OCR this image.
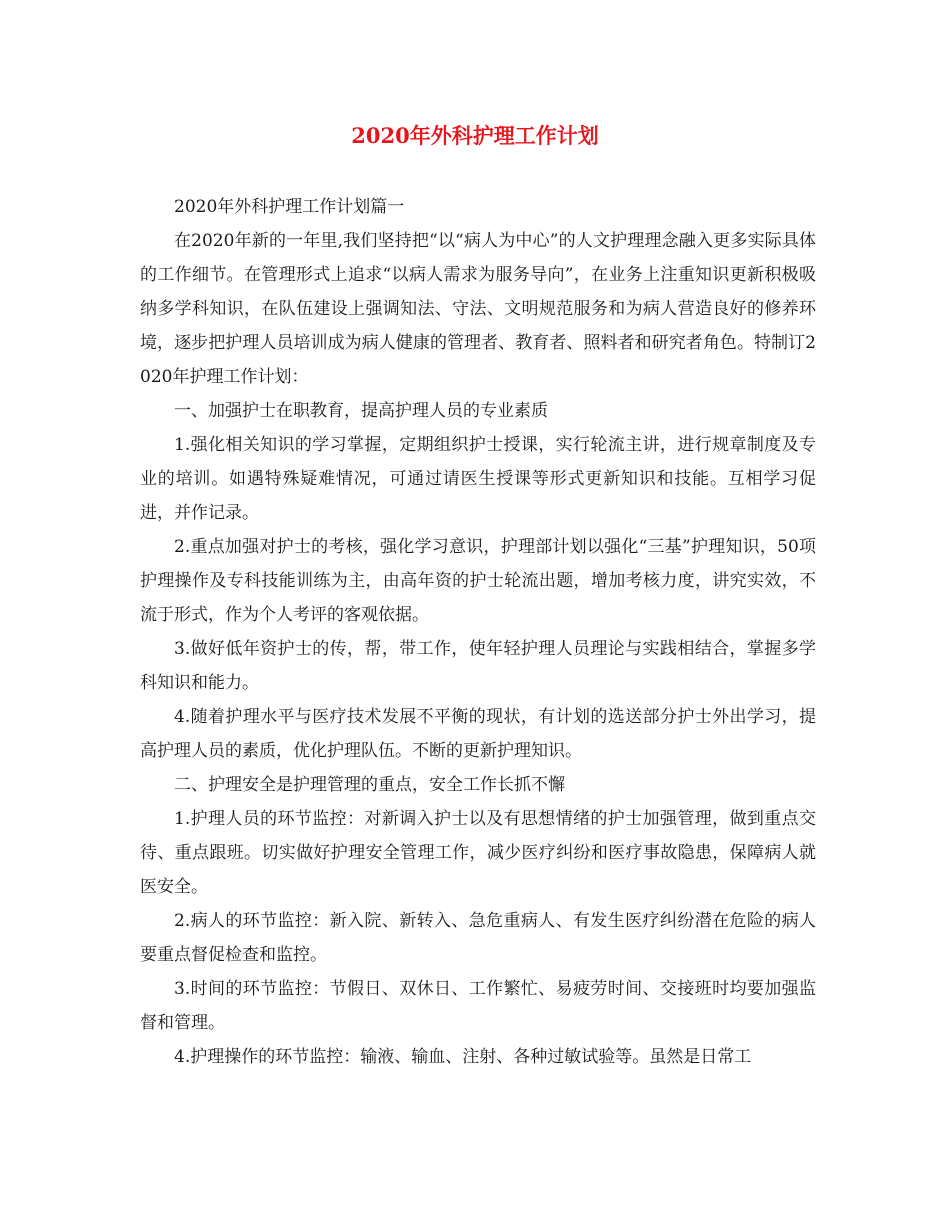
2020年外科护理工作计划

2020年外科护理工作计划篇一

在2020年新的一年里,我们坚持把“以“病人为中心”的人文护理理念融入更多实际具体的工作细节。在管理形式上追求“以病人需求为服务导向”，在业务上注重知识更新积极吸纳多学科知识，在队伍建设上强调知法、守法、文明规范服务和为病人营造良好的修养环境，逐步把护理人员培训成为病人健康的管理者、教育者、照料者和研究者角色。特制订2020年护理工作计划：

一、加强护士在职教育，提高护理人员的专业素质

1.强化相关知识的学习掌握，定期组织护士授课，实行轮流主讲，进行规章制度及专业的培训。如遇特殊疑难情况，可通过请医生授课等形式更新知识和技能。互相学习促进，并作记录。

2.重点加强对护士的考核，强化学习意识，护理部计划以强化“三基”护理知识，50项护理操作及专科技能训练为主，由高年资的护士轮流出题，增加考核力度，讲究实效，不流于形式，作为个人考评的客观依据。

3.做好低年资护士的传，帮，带工作，使年轻护理人员理论与实践相结合，掌握多学科知识和能力。

4.随着护理水平与医疗技术发展不平衡的现状，有计划的选送部分护士外出学习，提高护理人员的素质，优化护理队伍。不断的更新护理知识。

二、护理安全是护理管理的重点，安全工作长抓不懈

1.护理人员的环节监控：对新调入护士以及有思想情绪的护士加强管理，做到重点交待、重点跟班。切实做好护理安全管理工作，减少医疗纠纷和医疗事故隐患，保障病人就医安全。

2.病人的环节监控：新入院、新转入、急危重病人、有发生医疗纠纷潜在危险的病人要重点督促检查和监控。

3.时间的环节监控：节假日、双休日、工作繁忙、易疲劳时间、交接班时均要加强监督和管理。

4.护理操作的环节监控：输液、输血、注射、各种过敏试验等。虽然是日常工
